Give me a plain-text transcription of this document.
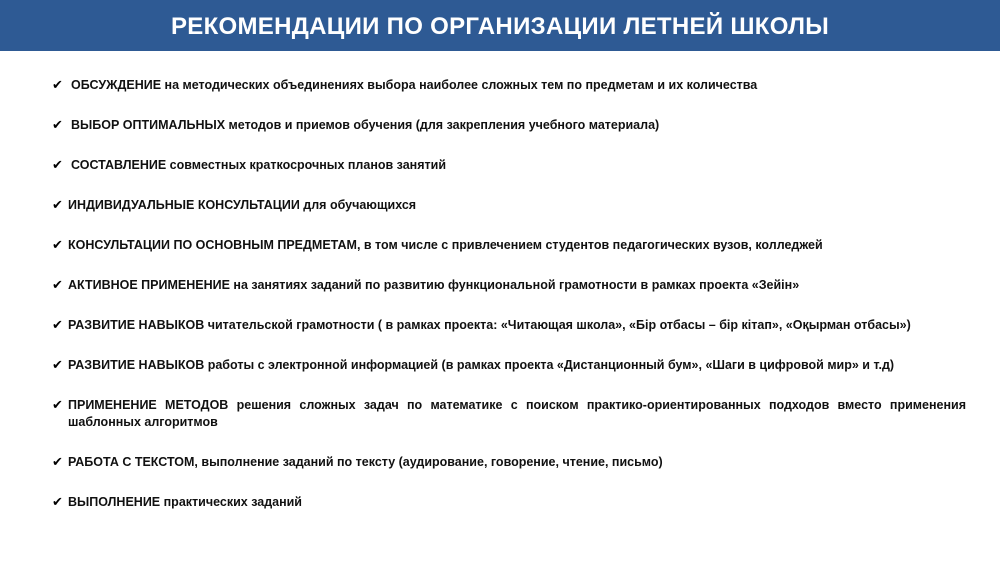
РЕКОМЕНДАЦИИ ПО ОРГАНИЗАЦИИ ЛЕТНЕЙ ШКОЛЫ
✔ ОБСУЖДЕНИЕ на методических объединениях выбора наиболее сложных тем по предметам и их количества
✔ ВЫБОР ОПТИМАЛЬНЫХ методов и приемов обучения (для закрепления учебного материала)
✔ СОСТАВЛЕНИЕ совместных краткосрочных планов занятий
✔ ИНДИВИДУАЛЬНЫЕ КОНСУЛЬТАЦИИ для обучающихся
✔ КОНСУЛЬТАЦИИ ПО ОСНОВНЫМ ПРЕДМЕТАМ, в том числе с привлечением студентов педагогических вузов, колледжей
✔ АКТИВНОЕ ПРИМЕНЕНИЕ на занятиях заданий по развитию функциональной грамотности в рамках проекта «Зейін»
✔ РАЗВИТИЕ НАВЫКОВ читательской грамотности ( в рамках проекта: «Читающая школа», «Бір отбасы – бір кітап», «Оқырман отбасы»)
✔ РАЗВИТИЕ НАВЫКОВ работы с электронной информацией (в рамках проекта «Дистанционный бум», «Шаги в цифровой мир» и т.д)
✔ ПРИМЕНЕНИЕ МЕТОДОВ решения сложных задач по математике с поиском практико-ориентированных подходов вместо применения шаблонных алгоритмов
✔ РАБОТА С ТЕКСТОМ, выполнение заданий по тексту (аудирование, говорение, чтение, письмо)
✔ ВЫПОЛНЕНИЕ практических заданий
